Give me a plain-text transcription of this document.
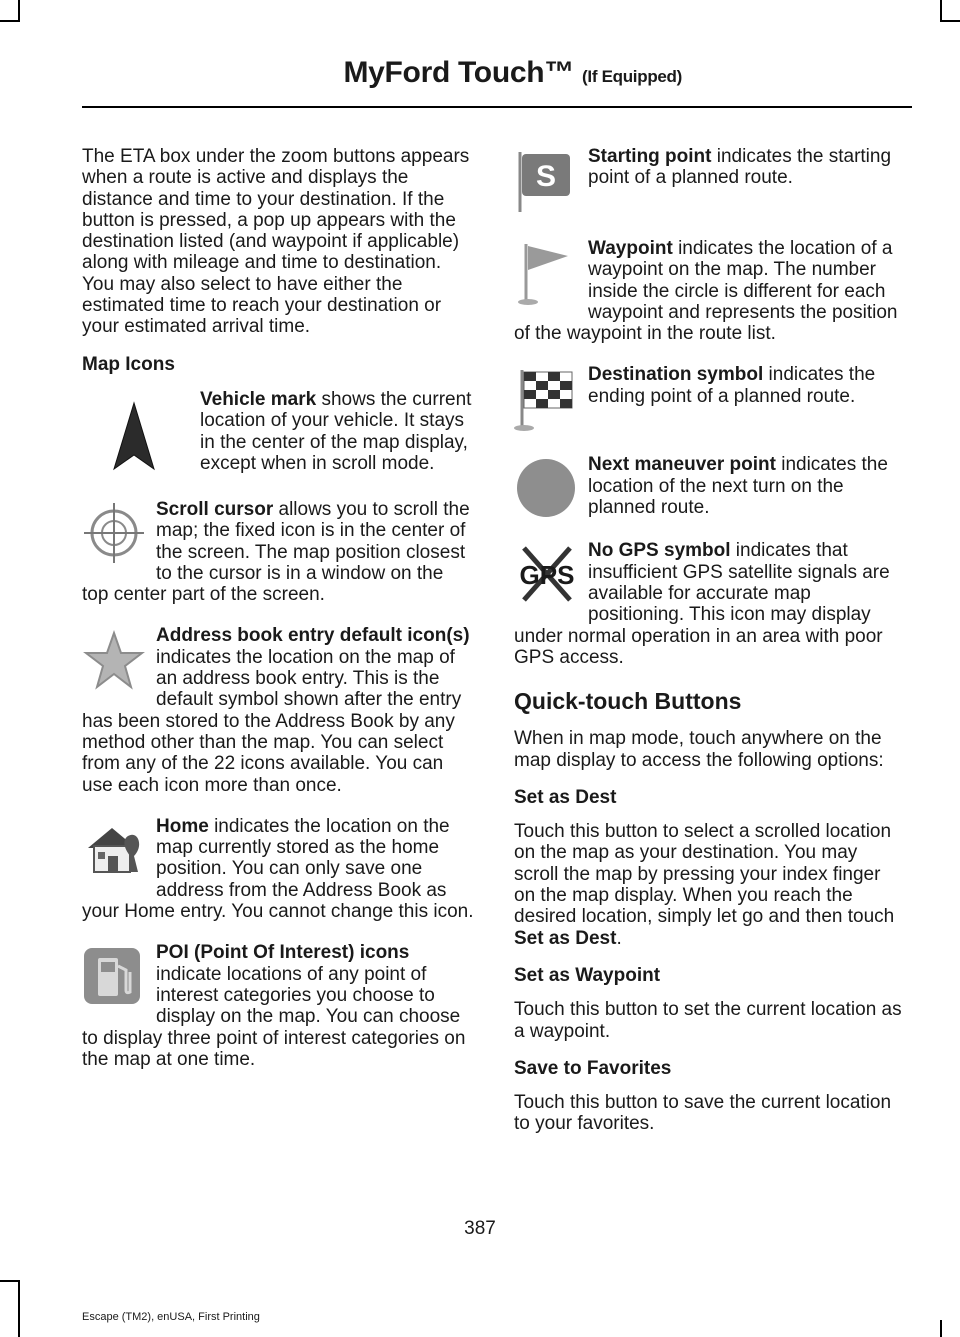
MyFord Touch™ (If Equipped)

The ETA box under the zoom buttons appears when a route is active and displays the distance and time to your destination. If the button is pressed, a pop up appears with the destination listed (and waypoint if applicable) along with mileage and time to destination. You may also select to have either the estimated time to reach your destination or your estimated arrival time.

Map Icons
Vehicle mark shows the current location of your vehicle. It stays in the center of the map display, except when in scroll mode.
Scroll cursor allows you to scroll the map; the fixed icon is in the center of the screen. The map position closest to the cursor is in a window on the top center part of the screen.
Address book entry default icon(s) indicates the location on the map of an address book entry. This is the default symbol shown after the entry has been stored to the Address Book by any method other than the map. You can select from any of the 22 icons available. You can use each icon more than once.
Home indicates the location on the map currently stored as the home position. You can only save one address from the Address Book as your Home entry. You cannot change this icon.
POI (Point Of Interest) icons indicate locations of any point of interest categories you choose to display on the map. You can choose to display three point of interest categories on the map at one time.
S
Starting point indicates the starting point of a planned route.
Waypoint indicates the location of a waypoint on the map. The number inside the circle is different for each waypoint and represents the position of the waypoint in the route list.
Destination symbol indicates the ending point of a planned route.
Next maneuver point indicates the location of the next turn on the planned route.
GPS
No GPS symbol indicates that insufficient GPS satellite signals are available for accurate map positioning. This icon may display under normal operation in an area with poor GPS access.
Quick-touch Buttons

When in map mode, touch anywhere on the map display to access the following options:

Set as Dest

Touch this button to select a scrolled location on the map as your destination. You may scroll the map by pressing your index finger on the map display. When you reach the desired location, simply let go and then touch Set as Dest.

Set as Waypoint

Touch this button to set the current location as a waypoint.

Save to Favorites

Touch this button to save the current location to your favorites.

387
Escape (TM2), enUSA, First Printing
